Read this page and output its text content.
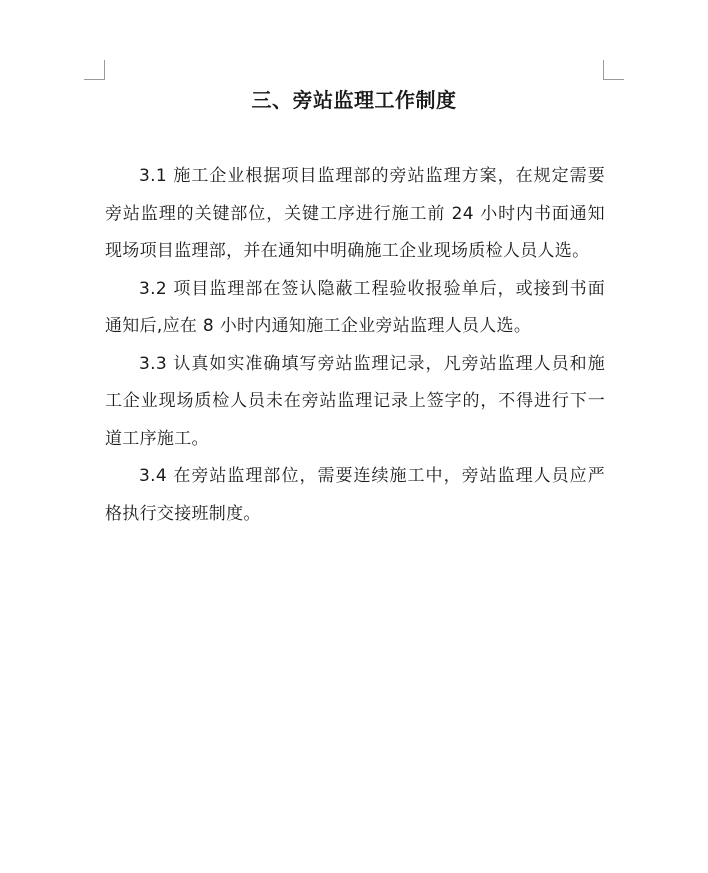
三、旁站监理工作制度

3.1 施工企业根据项目监理部的旁站监理方案，在规定需要旁站监理的关键部位，关键工序进行施工前 24 小时内书面通知现场项目监理部，并在通知中明确施工企业现场质检人员人选。

3.2 项目监理部在签认隐蔽工程验收报验单后，或接到书面通知后,应在 8 小时内通知施工企业旁站监理人员人选。

3.3 认真如实准确填写旁站监理记录，凡旁站监理人员和施工企业现场质检人员未在旁站监理记录上签字的，不得进行下一道工序施工。

3.4 在旁站监理部位，需要连续施工中，旁站监理人员应严格执行交接班制度。
